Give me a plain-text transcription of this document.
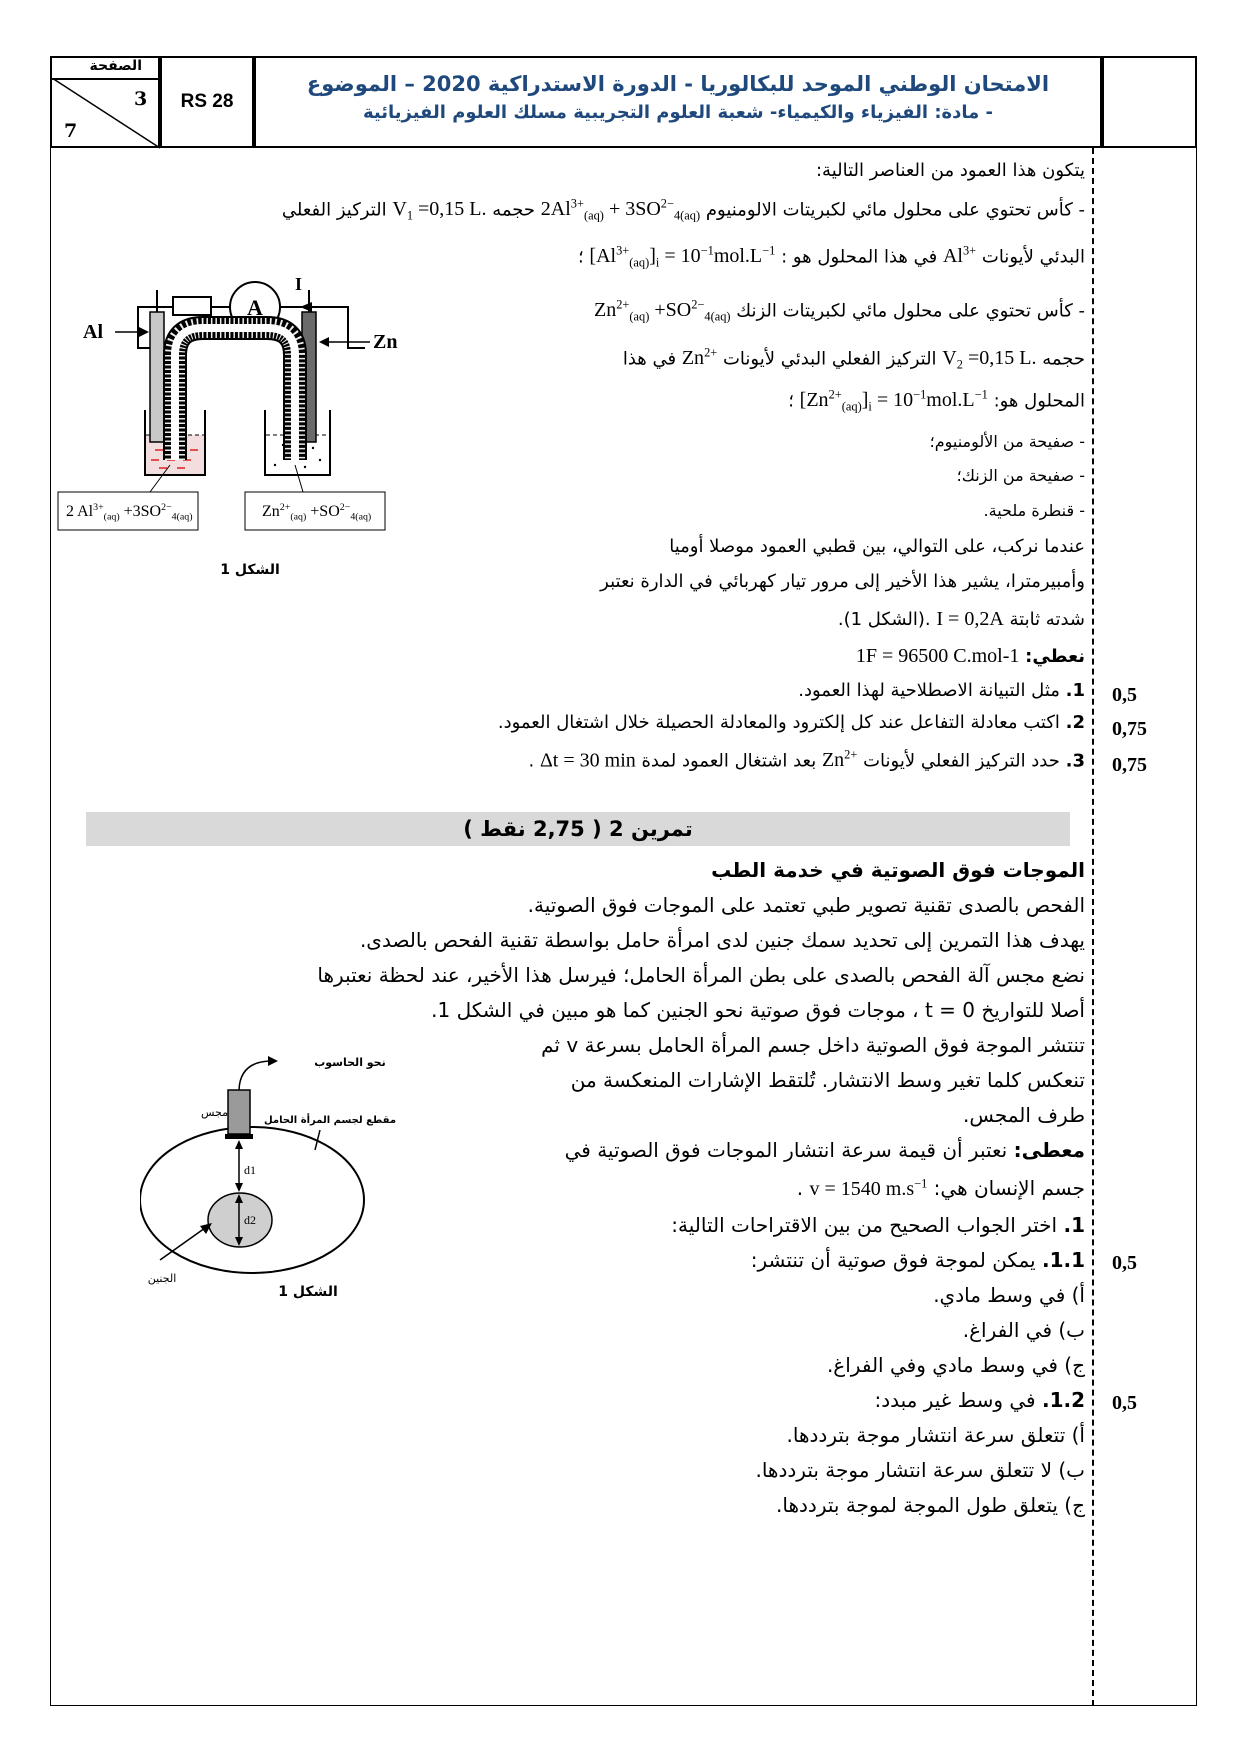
الامتحان الوطني الموحد للبكالوريا - الدورة الاستدراكية 2020 – الموضوع
- مادة: الفيزياء والكيمياء- شعبة العلوم التجريبية مسلك العلوم الفيزيائية
RS 28
الصفحة
3
7
يتكون هذا العمود من العناصر التالية:
- كأس تحتوي على محلول مائي لكبريتات الالومنيوم $2Al^{3+}_{(aq)} + 3SO^{2-}_{4(aq)}$ حجمه $V_1 =0,15$ L. التركيز الفعلي
البدئي لأيونات $Al^{3+}$ في هذا المحلول هو : $[Al^{3+}_{(aq)}]_i = 10^{-1}mol.L^{-1}$ ؛
- كأس تحتوي على محلول مائي لكبريتات الزنك $Zn^{2+}_{(aq)} +SO^{2-}_{4(aq)}$
حجمه $V_2 =0,15$ L. التركيز الفعلي البدئي لأيونات $Zn^{2+}$ في هذا
المحلول هو: $[Zn^{2+}_{(aq)}]_i = 10^{-1}mol.L^{-1}$ ؛
- صفيحة من الألومنيوم؛
- صفيحة من الزنك؛
- قنطرة ملحية.
عندما نركب، على التوالي، بين قطبي العمود موصلا أوميا
وأمبيرمترا، يشير هذا الأخير إلى مرور تيار كهربائي في الدارة نعتبر
شدته ثابتة I = 0,2A .(الشكل 1).
نعطي: 1F = 96500 C.mol-1
1. مثل التبيانة الاصطلاحية لهذا العمود.
2. اكتب معادلة التفاعل عند كل إلكترود والمعادلة الحصيلة خلال اشتغال العمود.
3. حدد التركيز الفعلي لأيونات $Zn^{2+}$ بعد اشتغال العمود لمدة Δt = 30 min .
0,5
0,75
0,75
A
I
Al	Zn
الشكل 1
2 $Al^{3+}_{(aq)} +3SO^{2-}_{4(aq)}$	$Zn^{2+}_{(aq)} +SO^{2-}_{4(aq)}$
تمرين 2 ( 2,75 نقط )
الموجات فوق الصوتية في خدمة الطب
الفحص بالصدى تقنية تصوير طبي تعتمد على الموجات فوق الصوتية.
يهدف هذا التمرين إلى تحديد سمك جنين لدى امرأة حامل بواسطة تقنية الفحص بالصدى.
نضع مجس آلة الفحص بالصدى على بطن المرأة الحامل؛ فيرسل هذا الأخير، عند لحظة نعتبرها
أصلا للتواريخ t = 0 ، موجات فوق صوتية نحو الجنين كما هو مبين في الشكل 1.
تنتشر الموجة فوق الصوتية داخل جسم المرأة الحامل بسرعة v ثم
تنعكس كلما تغير وسط الانتشار. تُلتقط الإشارات المنعكسة من
طرف المجس.
معطى: نعتبر أن قيمة سرعة انتشار الموجات فوق الصوتية في
جسم الإنسان هي: v = 1540 $m.s^{-1}$ .
1. اختر الجواب الصحيح من بين الاقتراحات التالية:
1.1. يمكن لموجة فوق صوتية أن تنتشر:
أ) في وسط مادي.
ب) في الفراغ.
ج) في وسط مادي وفي الفراغ.
1.2. في وسط غير مبدد:
أ) تتعلق سرعة انتشار موجة بترددها.
ب) لا تتعلق سرعة انتشار موجة بترددها.
ج) يتعلق طول الموجة لموجة بترددها.
0,5
0,5
d1
d2
نحو الحاسوب
مجس
مقطع لجسم المرأة الحامل
الجنين
الشكل 1
